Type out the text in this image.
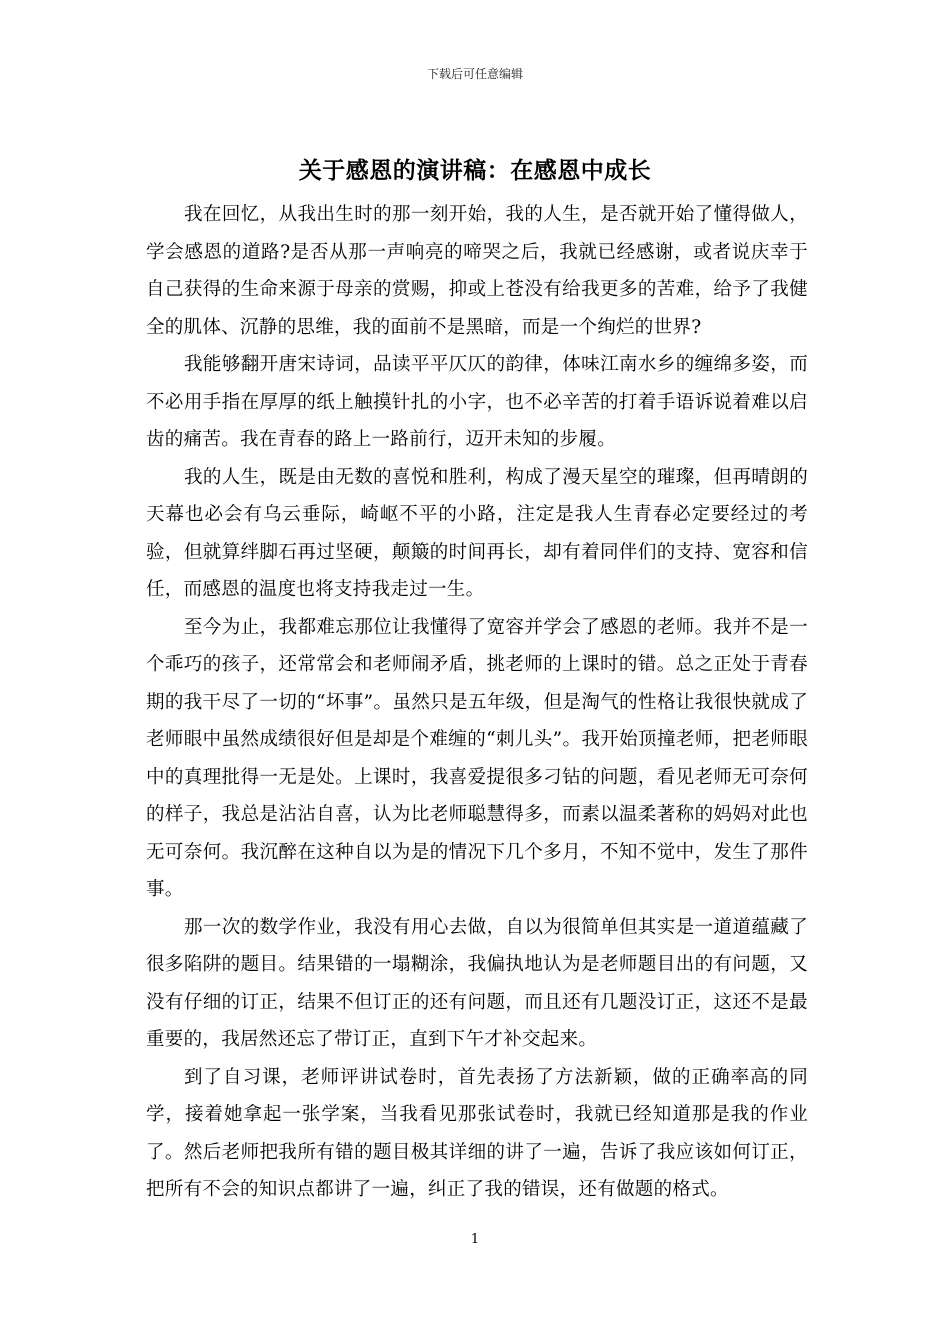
下载后可任意编辑
关于感恩的演讲稿：在感恩中成长

我在回忆，从我出生时的那一刻开始，我的人生，是否就开始了懂得做人，学会感恩的道路?是否从那一声响亮的啼哭之后，我就已经感谢，或者说庆幸于自己获得的生命来源于母亲的赏赐，抑或上苍没有给我更多的苦难，给予了我健全的肌体、沉静的思维，我的面前不是黑暗，而是一个绚烂的世界?

我能够翻开唐宋诗词，品读平平仄仄的韵律，体味江南水乡的缠绵多姿，而不必用手指在厚厚的纸上触摸针扎的小字，也不必辛苦的打着手语诉说着难以启齿的痛苦。我在青春的路上一路前行，迈开未知的步履。

我的人生，既是由无数的喜悦和胜利，构成了漫天星空的璀璨，但再晴朗的天幕也必会有乌云垂际，崎岖不平的小路，注定是我人生青春必定要经过的考验，但就算绊脚石再过坚硬，颠簸的时间再长，却有着同伴们的支持、宽容和信任，而感恩的温度也将支持我走过一生。

至今为止，我都难忘那位让我懂得了宽容并学会了感恩的老师。我并不是一个乖巧的孩子，还常常会和老师闹矛盾，挑老师的上课时的错。总之正处于青春期的我干尽了一切的“坏事”。虽然只是五年级，但是淘气的性格让我很快就成了老师眼中虽然成绩很好但是却是个难缠的“刺儿头”。我开始顶撞老师，把老师眼中的真理批得一无是处。上课时，我喜爱提很多刁钻的问题，看见老师无可奈何的样子，我总是沾沾自喜，认为比老师聪慧得多，而素以温柔著称的妈妈对此也无可奈何。我沉醉在这种自以为是的情况下几个多月，不知不觉中，发生了那件事。

那一次的数学作业，我没有用心去做，自以为很简单但其实是一道道蕴藏了很多陷阱的题目。结果错的一塌糊涂，我偏执地认为是老师题目出的有问题，又没有仔细的订正，结果不但订正的还有问题，而且还有几题没订正，这还不是最重要的，我居然还忘了带订正，直到下午才补交起来。

到了自习课，老师评讲试卷时，首先表扬了方法新颖，做的正确率高的同学，接着她拿起一张学案，当我看见那张试卷时，我就已经知道那是我的作业了。然后老师把我所有错的题目极其详细的讲了一遍，告诉了我应该如何订正，把所有不会的知识点都讲了一遍，纠正了我的错误，还有做题的格式。

1
